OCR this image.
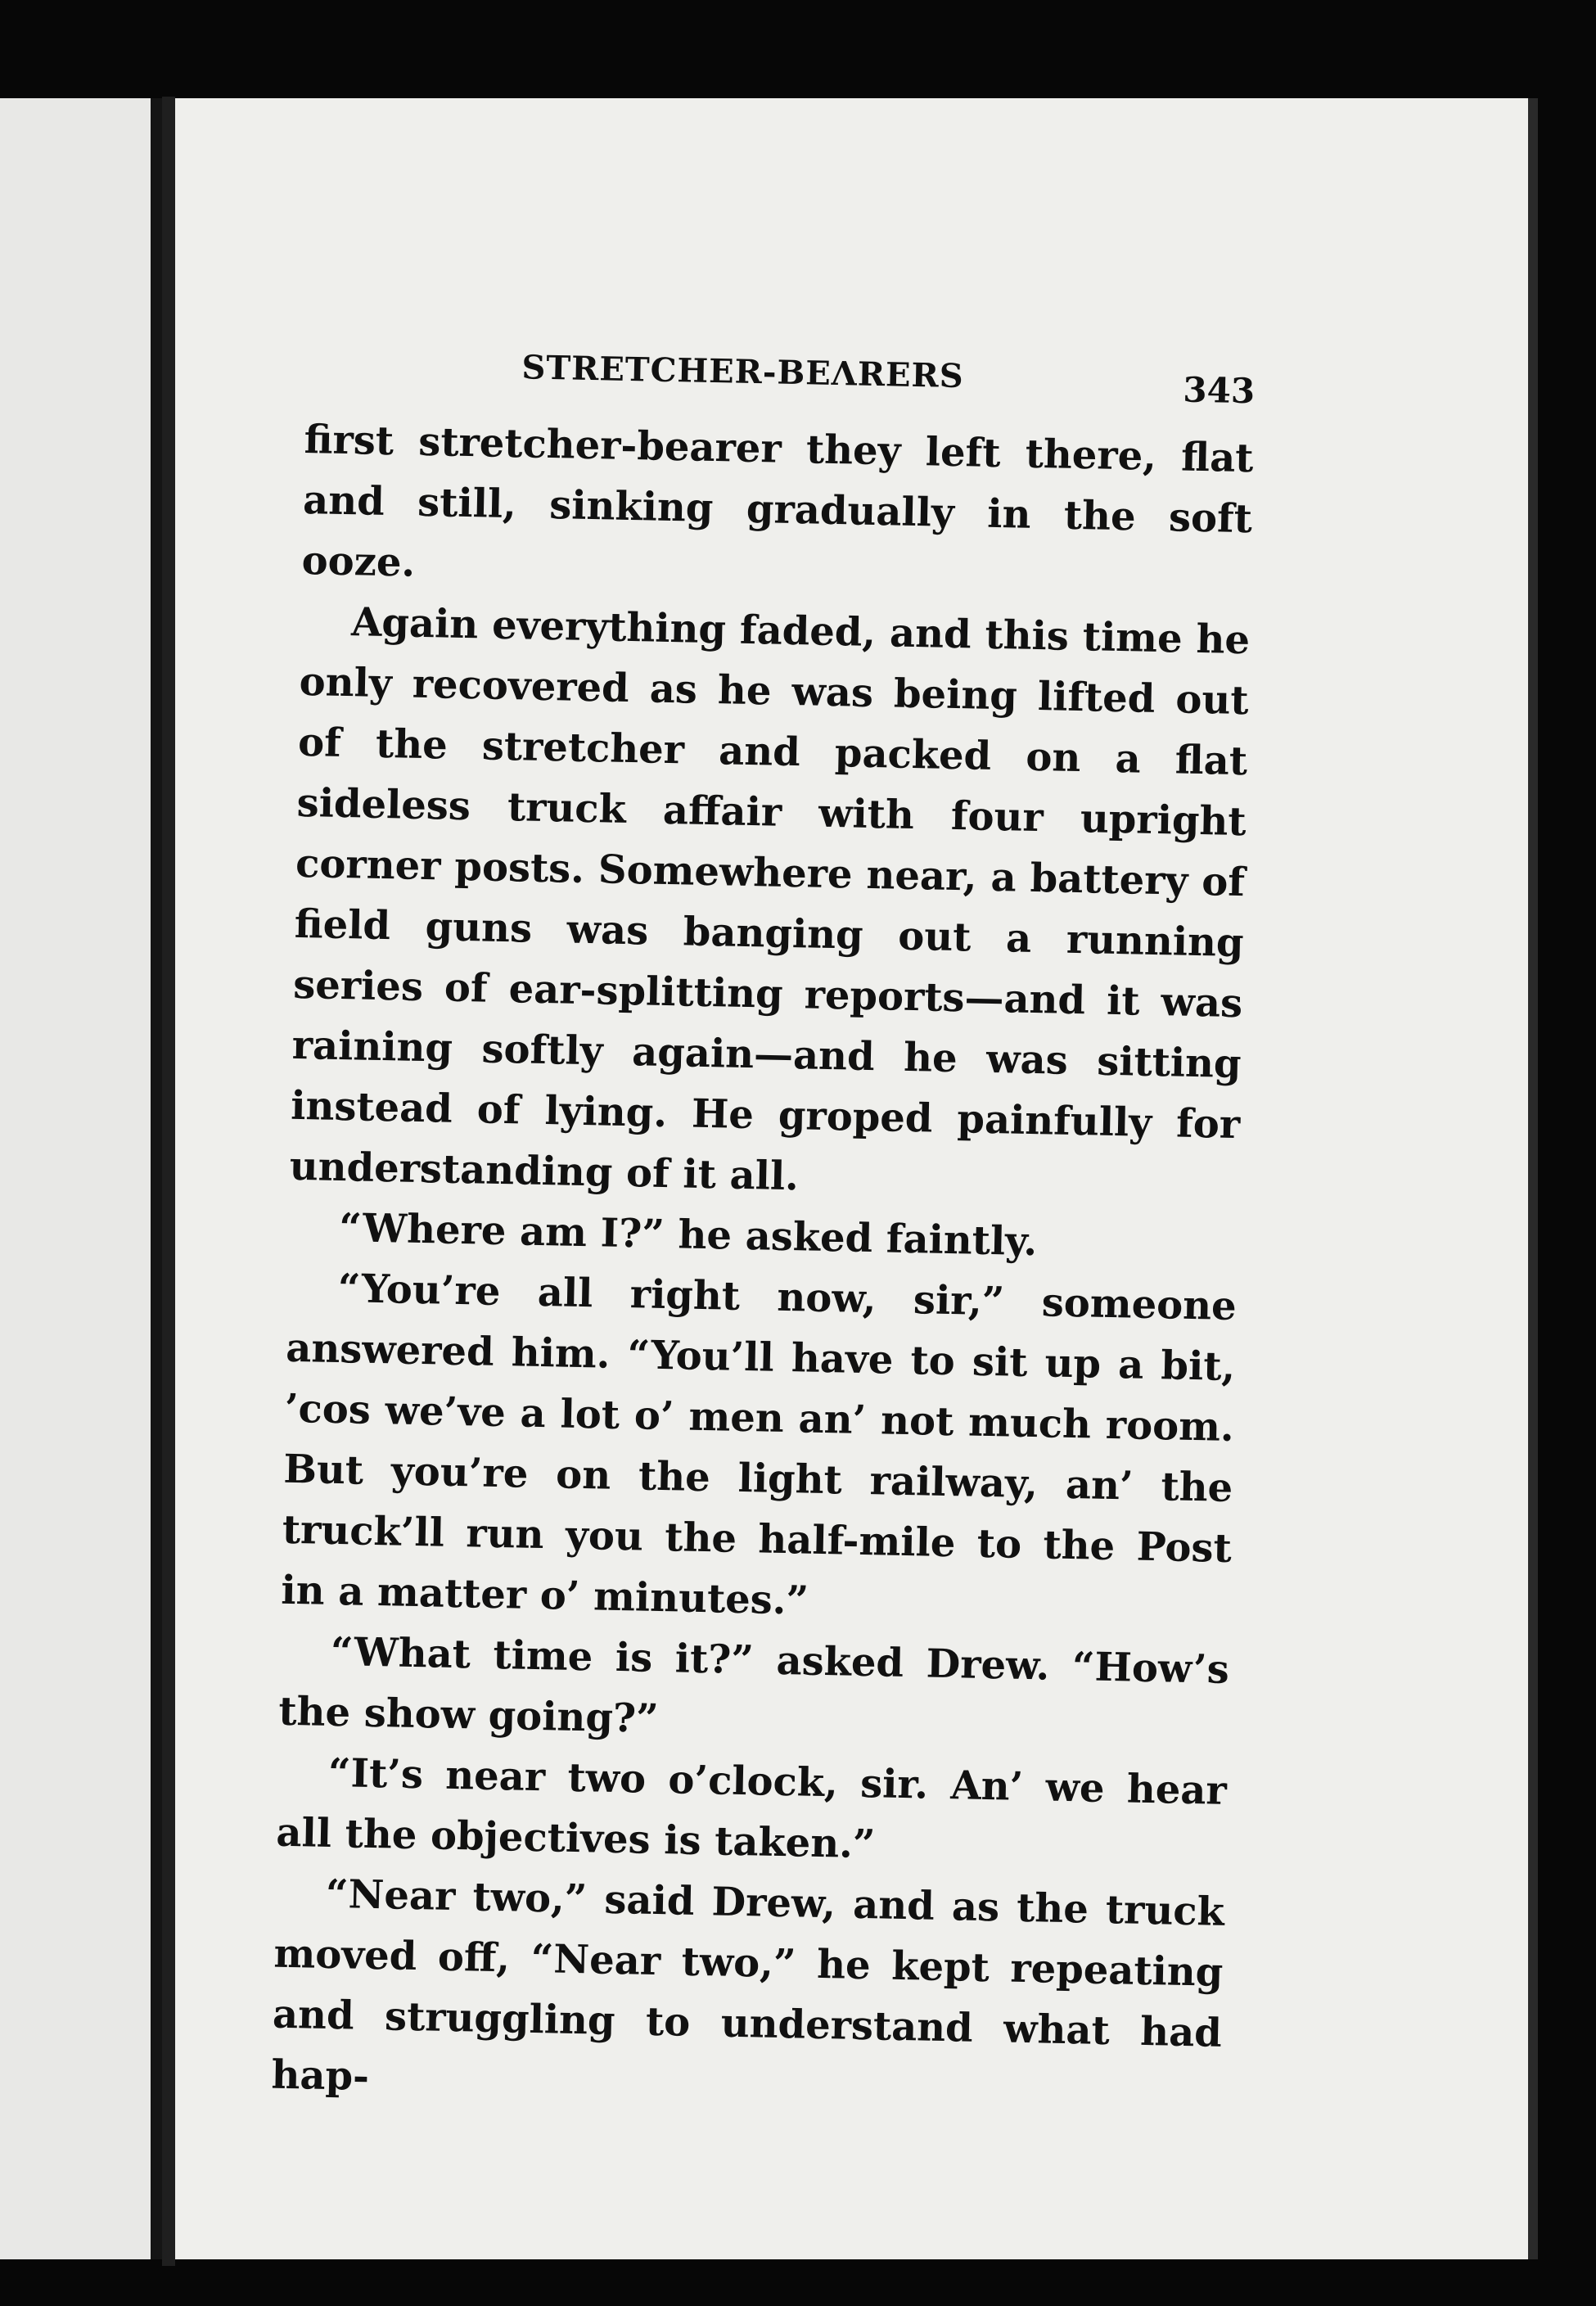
STRETCHER-BEΛRERS	343

first stretcher-bearer they left there, flat and still, sinking gradually in the soft ooze.

Again everything faded, and this time he only recovered as he was being lifted out of the stretcher and packed on a flat sideless truck affair with four upright corner posts. Somewhere near, a battery of field guns was banging out a running series of ear-splitting reports—and it was raining softly again—and he was sitting instead of lying. He groped painfully for understanding of it all.

“Where am I?” he asked faintly.

“You’re all right now, sir,” someone answered him. “You’ll have to sit up a bit, ’cos we’ve a lot o’ men an’ not much room. But you’re on the light railway, an’ the truck’ll run you the half-mile to the Post in a matter o’ minutes.”

“What time is it?” asked Drew. “How’s the show going?”

“It’s near two o’clock, sir. An’ we hear all the objectives is taken.”

“Near two,” said Drew, and as the truck moved off, “Near two,” he kept repeating and struggling to understand what had hap-
